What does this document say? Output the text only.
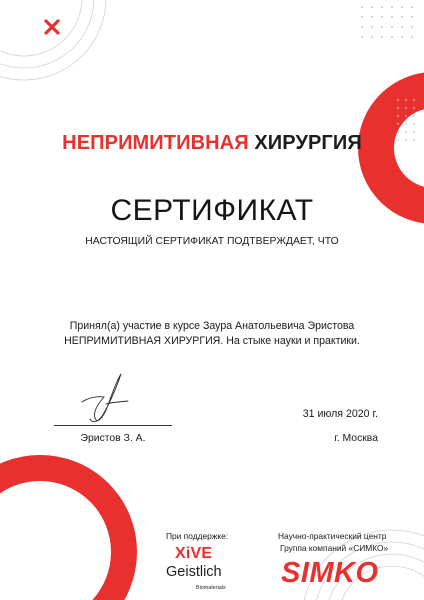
НЕПРИМИТИВНАЯ ХИРУРГИЯ
СЕРТИФИКАТ
НАСТОЯЩИЙ СЕРТИФИКАТ ПОДТВЕРЖДАЕТ, ЧТО
Принял(а) участие в курсе Заура Анатольевича Эристова
НЕПРИМИТИВНАЯ ХИРУРГИЯ. На стыке науки и практики.
Эристов З. А.
31 июля 2020 г.
г. Москва
При поддержке:
XiVE
Geistlich
Biomaterials
Научно-практический центр
Группа компаний «СИМКО»
SIMKO
